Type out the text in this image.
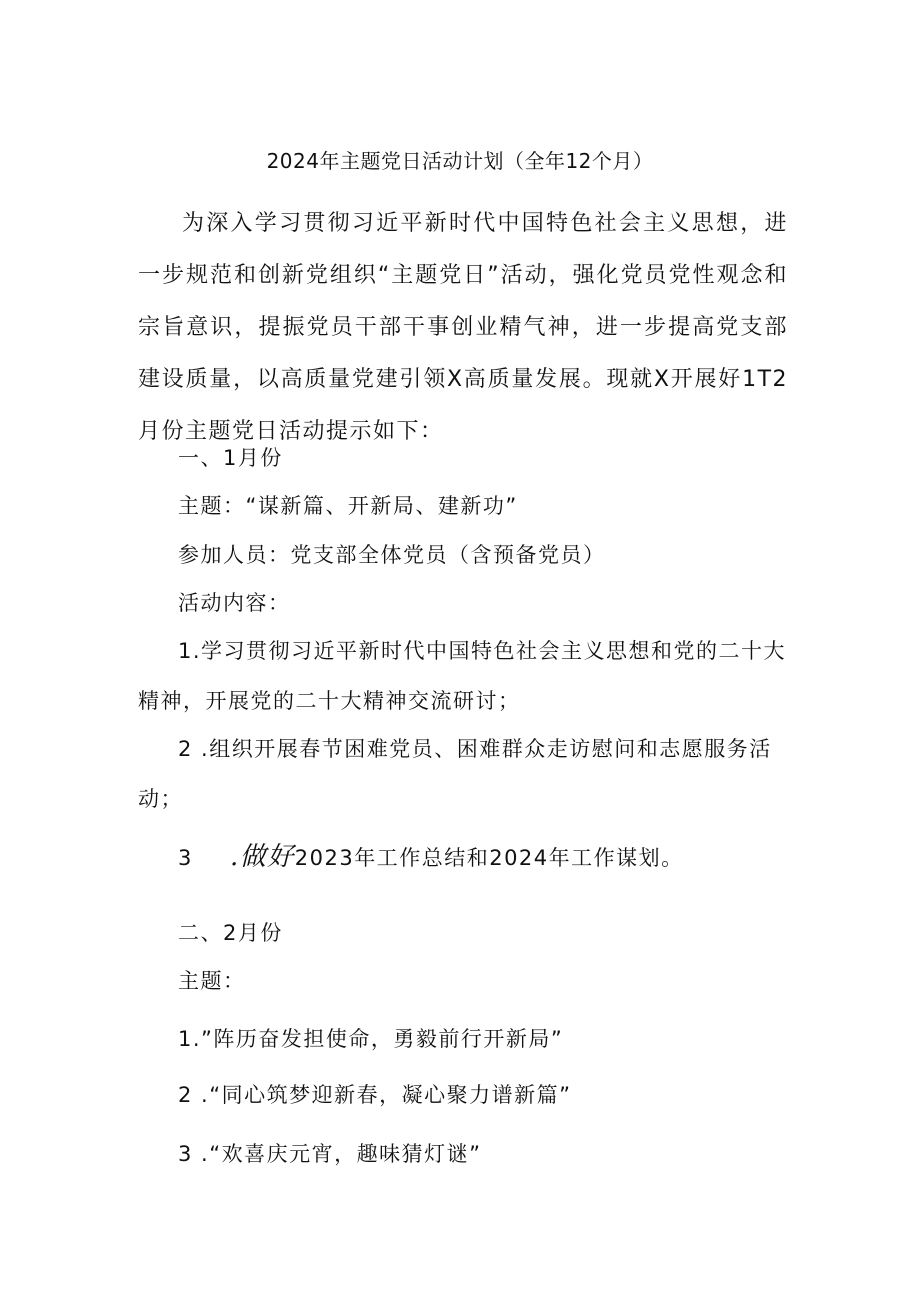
2024年主题党日活动计划（全年12个月）
为深入学习贯彻习近平新时代中国特色社会主义思想，进一步规范和创新党组织“主题党日”活动，强化党员党性观念和宗旨意识，提振党员干部干事创业精气神，进一步提高党支部建设质量，以高质量党建引领X高质量发展。现就X开展好1T2月份主题党日活动提示如下：
一、1月份
主题：“谋新篇、开新局、建新功”
参加人员：党支部全体党员（含预备党员）
活动内容：
1.学习贯彻习近平新时代中国特色社会主义思想和党的二十大精神，开展党的二十大精神交流研讨；
2 .组织开展春节困难党员、困难群众走访慰问和志愿服务活动；
3 .做好2023年工作总结和2024年工作谋划。
二、2月份
主题：
1.”阵历奋发担使命，勇毅前行开新局”
2 .“同心筑梦迎新春，凝心聚力谱新篇”
3 .“欢喜庆元宵，趣味猜灯谜”
